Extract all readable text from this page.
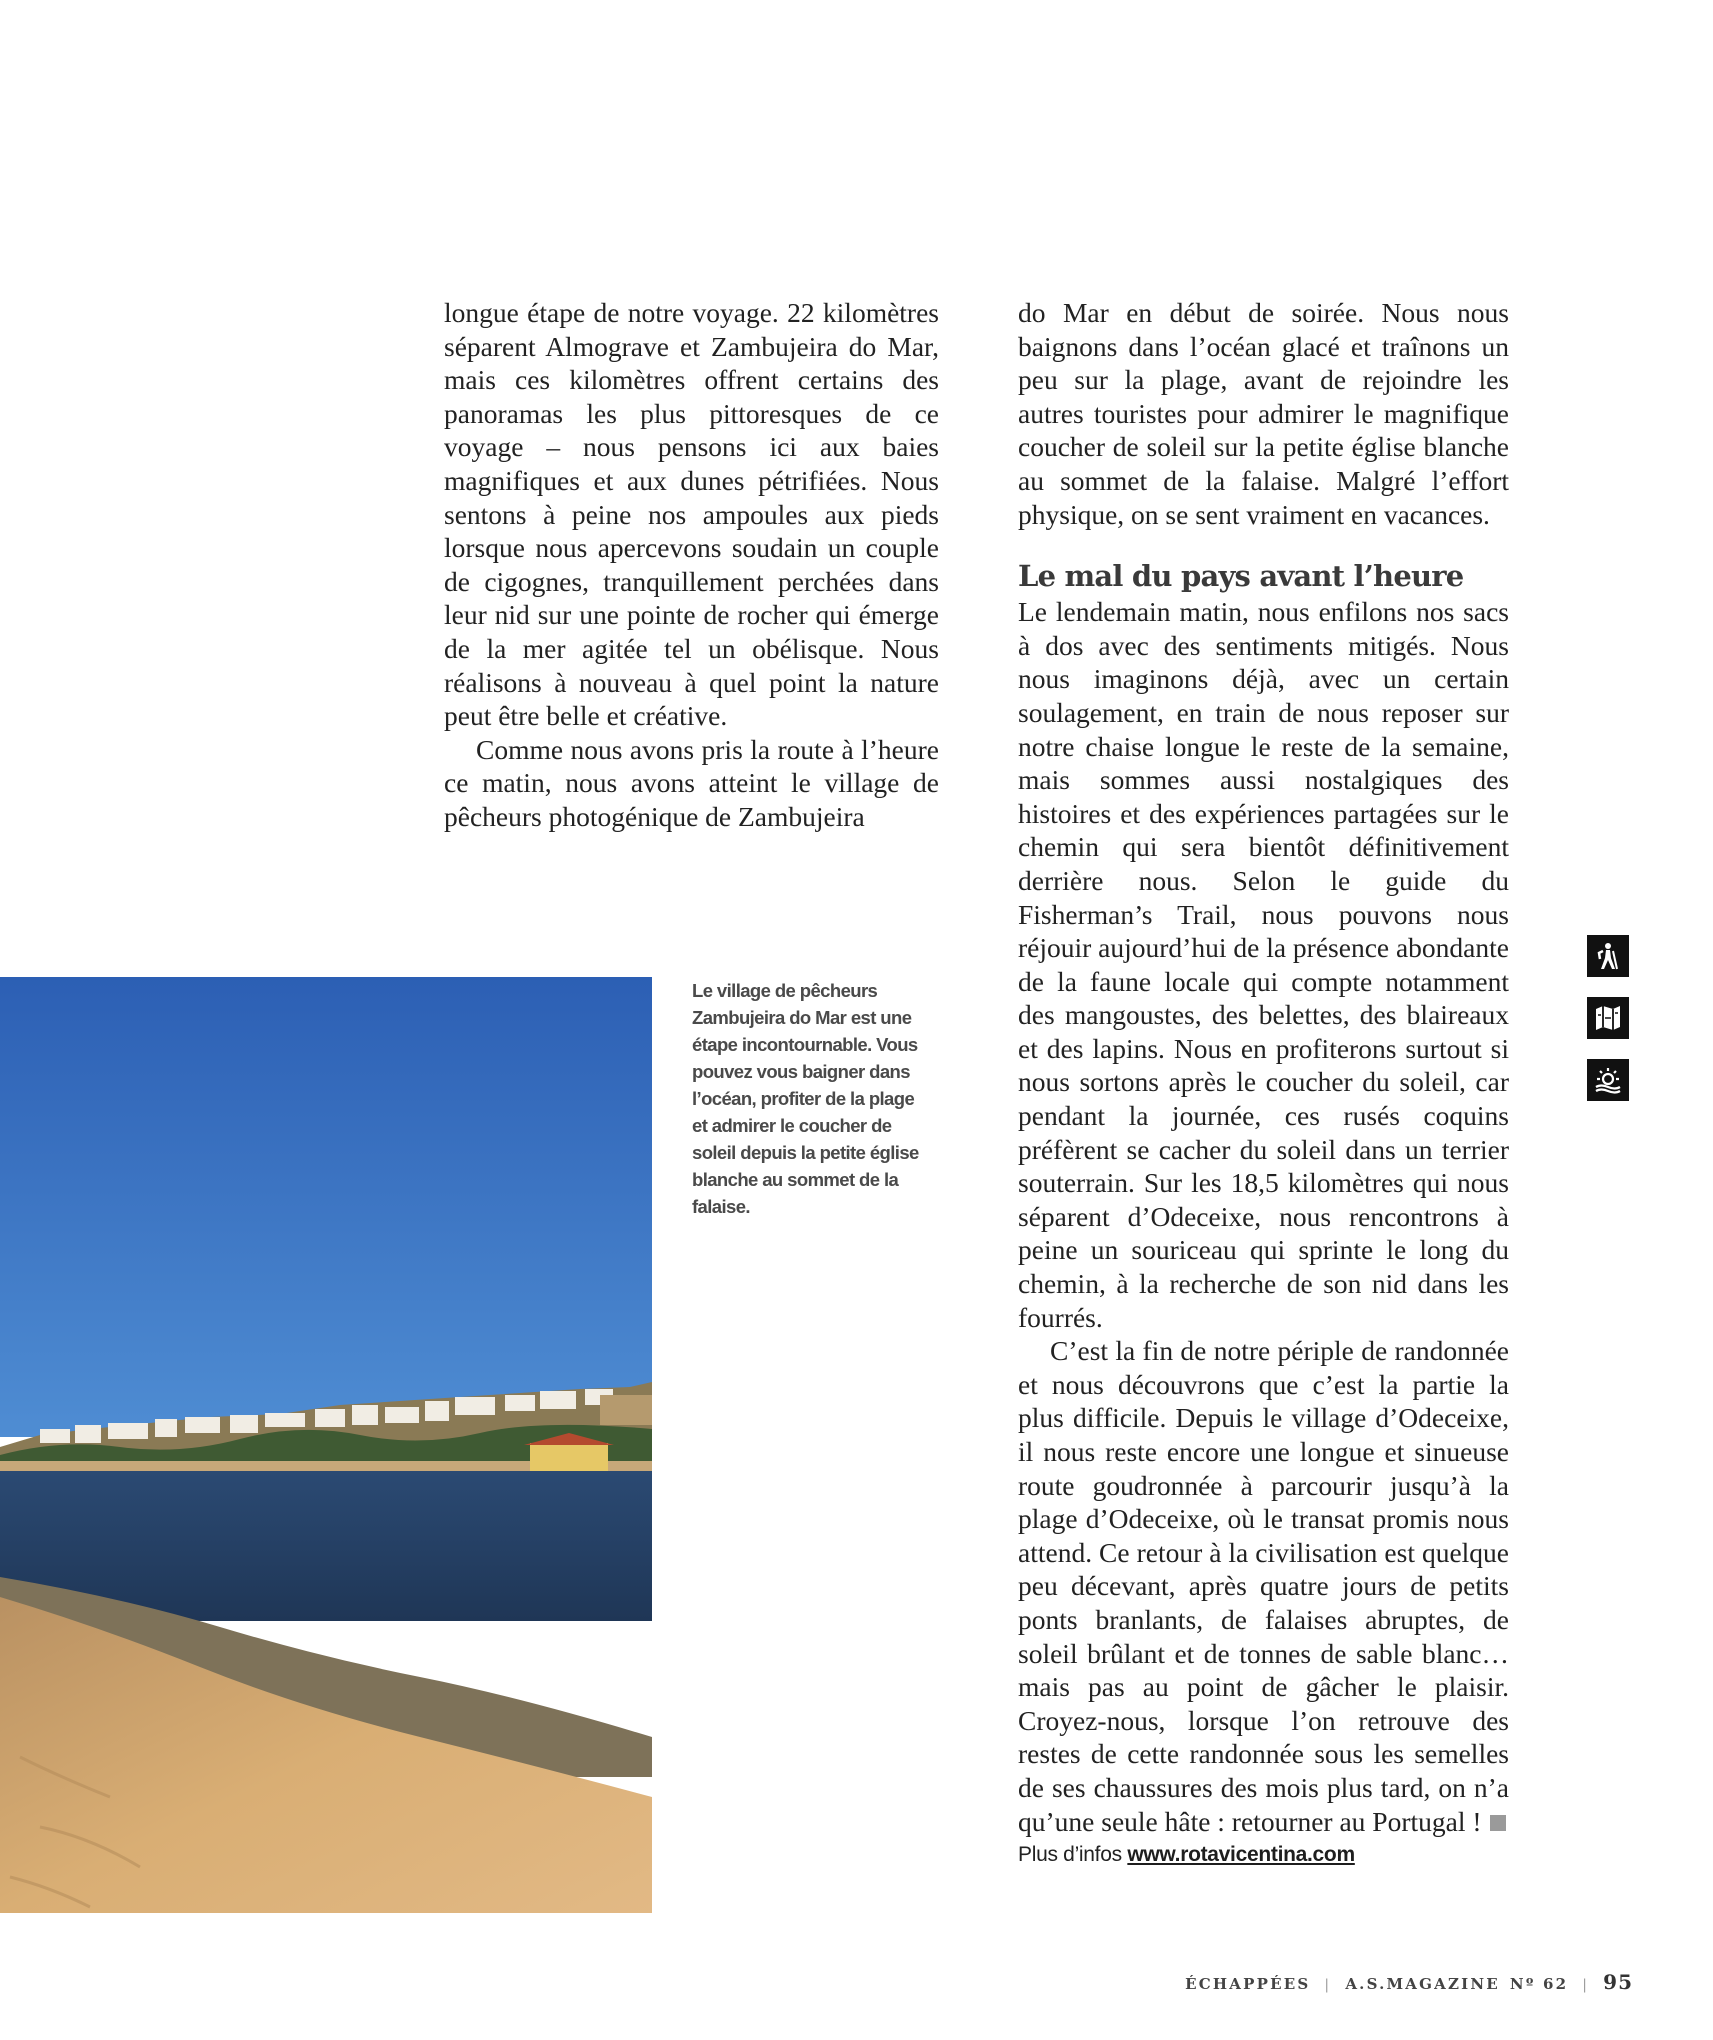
longue étape de notre voyage. 22 kilomètres séparent Almograve et Zambujeira do Mar, mais ces kilomètres offrent certains des panoramas les plus pittoresques de ce voyage – nous pensons ici aux baies magnifiques et aux dunes pétrifiées. Nous sentons à peine nos ampoules aux pieds lorsque nous apercevons soudain un couple de cigognes, tranquillement perchées dans leur nid sur une pointe de rocher qui émerge de la mer agitée tel un obélisque. Nous réalisons à nouveau à quel point la nature peut être belle et créative.

Comme nous avons pris la route à l’heure ce matin, nous avons atteint le village de pêcheurs photogénique de Zambujeira

do Mar en début de soirée. Nous nous baignons dans l’océan glacé et traînons un peu sur la plage, avant de rejoindre les autres touristes pour admirer le magnifique coucher de soleil sur la petite église blanche au sommet de la falaise. Malgré l’effort physique, on se sent vraiment en vacances.

Le mal du pays avant l’heure

Le lendemain matin, nous enfilons nos sacs à dos avec des sentiments mitigés. Nous nous imaginons déjà, avec un certain soulagement, en train de nous reposer sur notre chaise longue le reste de la semaine, mais sommes aussi nostalgiques des histoires et des expériences partagées sur le chemin qui sera bientôt définitivement derrière nous. Selon le guide du Fisherman’s Trail, nous pouvons nous réjouir aujourd’hui de la présence abondante de la faune locale qui compte notamment des mangoustes, des belettes, des blaireaux et des lapins. Nous en profiterons surtout si nous sortons après le coucher du soleil, car pendant la journée, ces rusés coquins préfèrent se cacher du soleil dans un terrier souterrain. Sur les 18,5 kilomètres qui nous séparent d’Odeceixe, nous rencontrons à peine un souriceau qui sprinte le long du chemin, à la recherche de son nid dans les fourrés.

C’est la fin de notre périple de randonnée et nous découvrons que c’est la partie la plus difficile. Depuis le village d’Odeceixe, il nous reste encore une longue et sinueuse route goudronnée à parcourir jusqu’à la plage d’Odeceixe, où le transat promis nous attend. Ce retour à la civilisation est quelque peu décevant, après quatre jours de petits ponts branlants, de falaises abruptes, de soleil brûlant et de tonnes de sable blanc… mais pas au point de gâcher le plaisir. Croyez-nous, lorsque l’on retrouve des restes de cette randonnée sous les semelles de ses chaussures des mois plus tard, on n’a qu’une seule hâte : retourner au Portugal !

Plus d’infos www.rotavicentina.com
Le village de pêcheurs Zambujeira do Mar est une étape incontournable. Vous pouvez vous baigner dans l’océan, profiter de la plage et admirer le coucher de soleil depuis la petite église blanche au sommet de la falaise.
ÉCHAPPÉES | A.S.MAGAZINE Nº 62 | 95
